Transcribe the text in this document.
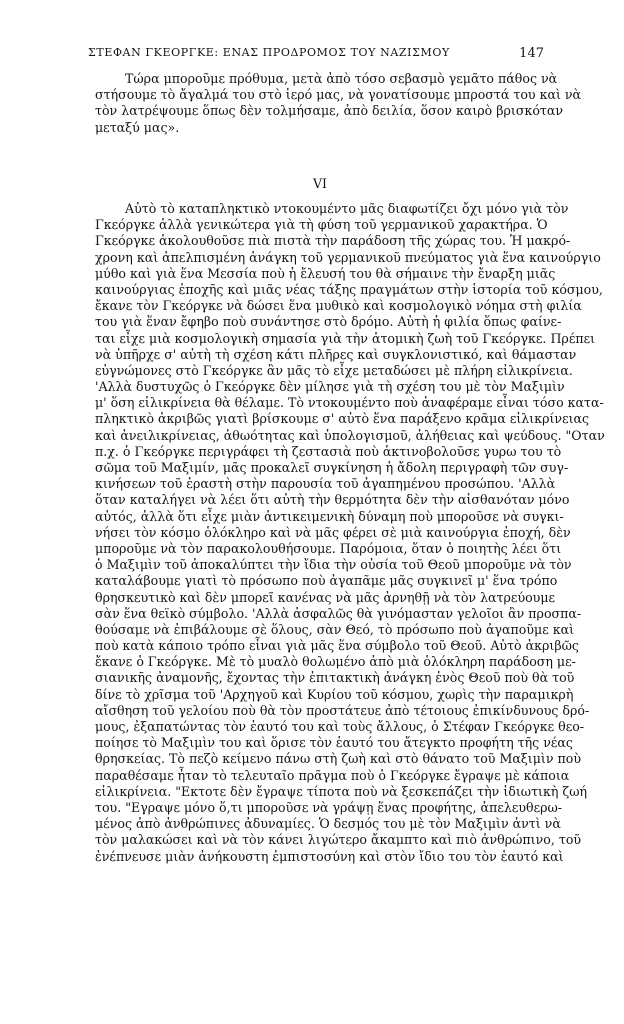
ΣΤΕΦΑΝ ΓΚΕΟΡΓΚΕ: ΕΝΑΣ ΠΡΟΔΡΟΜΟΣ ΤΟΥ ΝΑΖΙΣΜΟΥ	147
Τώρα μποροῦμε πρόθυμα, μετὰ ἀπὸ τόσο σεβασμὸ γεμᾶτο πάθος νὰ
στήσουμε τὸ ἄγαλμά του στὸ ἱερό μας, νὰ γονατίσουμε μπροστά του καὶ νὰ
τὸν λατρέψουμε ὅπως δὲν τολμήσαμε, ἀπὸ δειλία, ὅσον καιρὸ βρισκόταν
μεταξύ μας».
VI
Αὐτὸ τὸ καταπληκτικὸ ντοκουμέντο μᾶς διαφωτίζει ὄχι μόνο γιὰ τὸν
Γκεόργκε ἀλλὰ γενικώτερα γιὰ τὴ φύση τοῦ γερμανικοῦ χαρακτήρα. Ὁ
Γκεόργκε ἀκολουθοῦσε πιὰ πιστὰ τὴν παράδοση τῆς χώρας του. Ἡ μακρό-
χρονη καὶ ἀπελπισμένη ἀνάγκη τοῦ γερμανικοῦ πνεύματος γιὰ ἕνα καινούργιο
μύθο καὶ γιὰ ἕνα Μεσσία ποὺ ἡ ἔλευσή του θὰ σήμαινε τὴν ἔναρξη μιᾶς
καινούργιας ἐποχῆς καὶ μιᾶς νέας τάξης πραγμάτων στὴν ἱστορία τοῦ κόσμου,
ἔκανε τὸν Γκεόργκε νὰ δώσει ἕνα μυθικὸ καὶ κοσμολογικὸ νόημα στὴ φιλία
του γιὰ ἕναν ἔφηβο ποὺ συνάντησε στὸ δρόμο. Αὐτὴ ἡ φιλία ὅπως φαίνε-
ται εἶχε μιὰ κοσμολογικὴ σημασία γιὰ τὴν ἀτομικὴ ζωὴ τοῦ Γκεόργκε. Πρέπει
νὰ ὑπῆρχε σ' αὐτὴ τὴ σχέση κάτι πλῆρες καὶ συγκλονιστικό, καὶ θάμασταν
εὐγνώμονες στὸ Γκεόργκε ἂν μᾶς τὸ εἶχε μεταδώσει μὲ πλήρη εἰλικρίνεια.
'Αλλὰ δυστυχῶς ὁ Γκεόργκε δὲν μίλησε γιὰ τὴ σχέση του μὲ τὸν Μαξιμὶν
μ' ὅση εἰλικρίνεια θὰ θέλαμε. Τὸ ντοκουμέντο ποὺ ἀναφέραμε εἶναι τόσο κατα-
πληκτικὸ ἀκριβῶς γιατὶ βρίσκουμε σ' αὐτὸ ἕνα παράξενο κρᾶμα εἰλικρίνειας
καὶ ἀνειλικρίνειας, ἀθωότητας καὶ ὑπολογισμοῦ, ἀλήθειας καὶ ψεύδους. "Οταν
π.χ. ὁ Γκεόργκε περιγράφει τὴ ζεστασιὰ ποὺ ἀκτινοβολοῦσε γυρω του τὸ
σῶμα τοῦ Μαξιμίν, μᾶς προκαλεῖ συγκίνηση ἡ ἄδολη περιγραφὴ τῶν συγ-
κινήσεων τοῦ ἐραστὴ στὴν παρουσία τοῦ ἀγαπημένου προσώπου. 'Αλλὰ
ὅταν καταλήγει νὰ λέει ὅτι αὐτὴ τὴν θερμότητα δὲν τὴν αἰσθανόταν μόνο
αὐτός, ἀλλὰ ὅτι εἶχε μιὰν ἀντικειμενικὴ δύναμη ποὺ μποροῦσε νὰ συγκι-
νήσει τὸν κόσμο ὁλόκληρο καὶ νὰ μᾶς φέρει σὲ μιὰ καινούργια ἐποχή, δὲν
μποροῦμε νὰ τὸν παρακολουθήσουμε. Παρόμοια, ὅταν ὁ ποιητὴς λέει ὅτι
ὁ Μαξιμὶν τοῦ ἀποκαλύπτει τὴν ἴδια τὴν οὐσία τοῦ Θεοῦ μποροῦμε νὰ τὸν
καταλάβουμε γιατὶ τὸ πρόσωπο ποὺ ἀγαπᾶμε μᾶς συγκινεῖ μ' ἕνα τρόπο
θρησκευτικὸ καὶ δὲν μπορεῖ κανένας νὰ μᾶς ἀρνηθῇ νὰ τὸν λατρεύουμε
σὰν ἕνα θεϊκὸ σύμβολο. 'Αλλὰ ἀσφαλῶς θὰ γινόμασταν γελοῖοι ἂν προσπα-
θούσαμε νὰ ἐπιβάλουμε σὲ ὅλους, σὰν Θεό, τὸ πρόσωπο ποὺ ἀγαποῦμε καὶ
ποὺ κατὰ κάποιο τρόπο εἶναι γιὰ μᾶς ἕνα σύμβολο τοῦ Θεοῦ. Αὐτὸ ἀκριβῶς
ἔκανε ὁ Γκεόργκε. Μὲ τὸ μυαλὸ θολωμένο ἀπὸ μιὰ ὁλόκληρη παράδοση με-
σιανικῆς ἀναμονῆς, ἔχοντας τὴν ἐπιτακτικὴ ἀνάγκη ἑνὸς Θεοῦ ποὺ θὰ τοῦ
δίνε τὸ χρῖσμα τοῦ 'Αρχηγοῦ καὶ Κυρίου τοῦ κόσμου, χωρὶς τὴν παραμικρὴ
αἴσθηση τοῦ γελοίου ποὺ θὰ τὸν προστάτευε ἀπὸ τέτοιους ἐπικίνδυνους δρό-
μους, ἐξαπατώντας τὸν ἑαυτό του καὶ τοὺς ἄλλους, ὁ Στέφαν Γκεόργκε θεο-
ποίησε τὸ Μαξιμὶν του καὶ ὅρισε τὸν ἑαυτό του ἄτεγκτο προφήτη τῆς νέας
θρησκείας. Τὸ πεζὸ κείμενο πάνω στὴ ζωὴ καὶ στὸ θάνατο τοῦ Μαξιμὶν ποὺ
παραθέσαμε ἦταν τὸ τελευταῖο πρᾶγμα ποὺ ὁ Γκεόργκε ἔγραψε μὲ κάποια
εἰλικρίνεια. "Εκτοτε δὲν ἔγραψε τίποτα ποὺ νὰ ξεσκεπάζει τὴν ἰδιωτικὴ ζωή
του. "Εγραψε μόνο ὅ,τι μποροῦσε νὰ γράψῃ ἕνας προφήτης, ἀπελευθερω-
μένος ἀπὸ ἀνθρώπινες ἀδυναμίες. Ὁ δεσμός του μὲ τὸν Μαξιμὶν ἀντὶ νὰ
τὸν μαλακώσει καὶ νὰ τὸν κάνει λιγώτερο ἄκαμπτο καὶ πιὸ ἀνθρώπινο, τοῦ
ἐνέπνευσε μιὰν ἀνήκουστη ἐμπιστοσύνη καὶ στὸν ἴδιο του τὸν ἑαυτό καὶ
